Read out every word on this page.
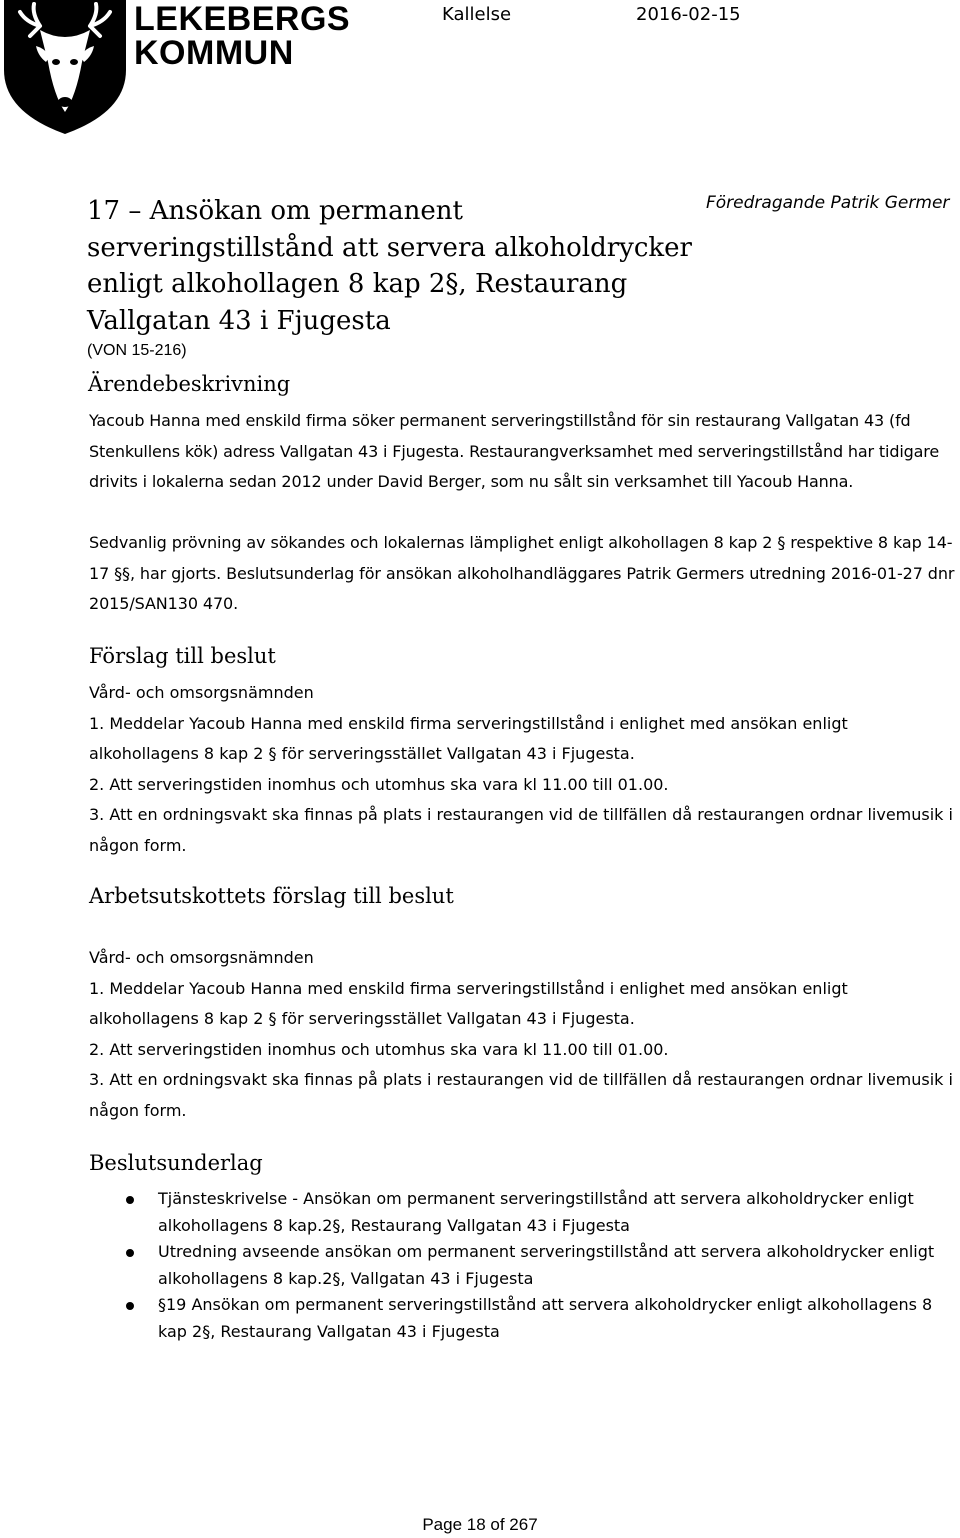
LEKEBERGS
KOMMUN
Kallelse	2016-02-15
17 – Ansökan om permanent serveringstillstånd att servera alkoholdrycker enligt alkohollagen 8 kap 2§, Restaurang Vallgatan 43 i Fjugesta
Föredragande Patrik Germer
(VON 15-216)
Ärendebeskrivning

Yacoub Hanna med enskild firma söker permanent serveringstillstånd för sin restaurang Vallgatan 43 (fd Stenkullens kök) adress Vallgatan 43 i Fjugesta. Restaurangverksamhet med serveringstillstånd har tidigare drivits i lokalerna sedan 2012 under David Berger, som nu sålt sin verksamhet till Yacoub Hanna.

Sedvanlig prövning av sökandes och lokalernas lämplighet enligt alkohollagen 8 kap 2 § respektive 8 kap 14-17 §§, har gjorts. Beslutsunderlag för ansökan alkoholhandläggares Patrik Germers utredning 2016-01-27 dnr 2015/SAN130 470.

Förslag till beslut

Vård- och omsorgsnämnden

1. Meddelar Yacoub Hanna med enskild firma serveringstillstånd i enlighet med ansökan enligt alkohollagens 8 kap 2 § för serveringsstället Vallgatan 43 i Fjugesta.

2. Att serveringstiden inomhus och utomhus ska vara kl 11.00 till 01.00.

3. Att en ordningsvakt ska finnas på plats i restaurangen vid de tillfällen då restaurangen ordnar livemusik i någon form.

Arbetsutskottets förslag till beslut

Vård- och omsorgsnämnden

1. Meddelar Yacoub Hanna med enskild firma serveringstillstånd i enlighet med ansökan enligt alkohollagens 8 kap 2 § för serveringsstället Vallgatan 43 i Fjugesta.

2. Att serveringstiden inomhus och utomhus ska vara kl 11.00 till 01.00.

3. Att en ordningsvakt ska finnas på plats i restaurangen vid de tillfällen då restaurangen ordnar livemusik i någon form.

Beslutsunderlag
Tjänsteskrivelse - Ansökan om permanent serveringstillstånd att servera alkoholdrycker enligt alkohollagens 8 kap.2§, Restaurang Vallgatan 43 i Fjugesta
Utredning avseende ansökan om permanent serveringstillstånd att servera alkoholdrycker enligt alkohollagens 8 kap.2§, Vallgatan 43 i Fjugesta
§19 Ansökan om permanent serveringstillstånd att servera alkoholdrycker enligt alkohollagens 8 kap 2§, Restaurang Vallgatan 43 i Fjugesta
Page 18 of 267
